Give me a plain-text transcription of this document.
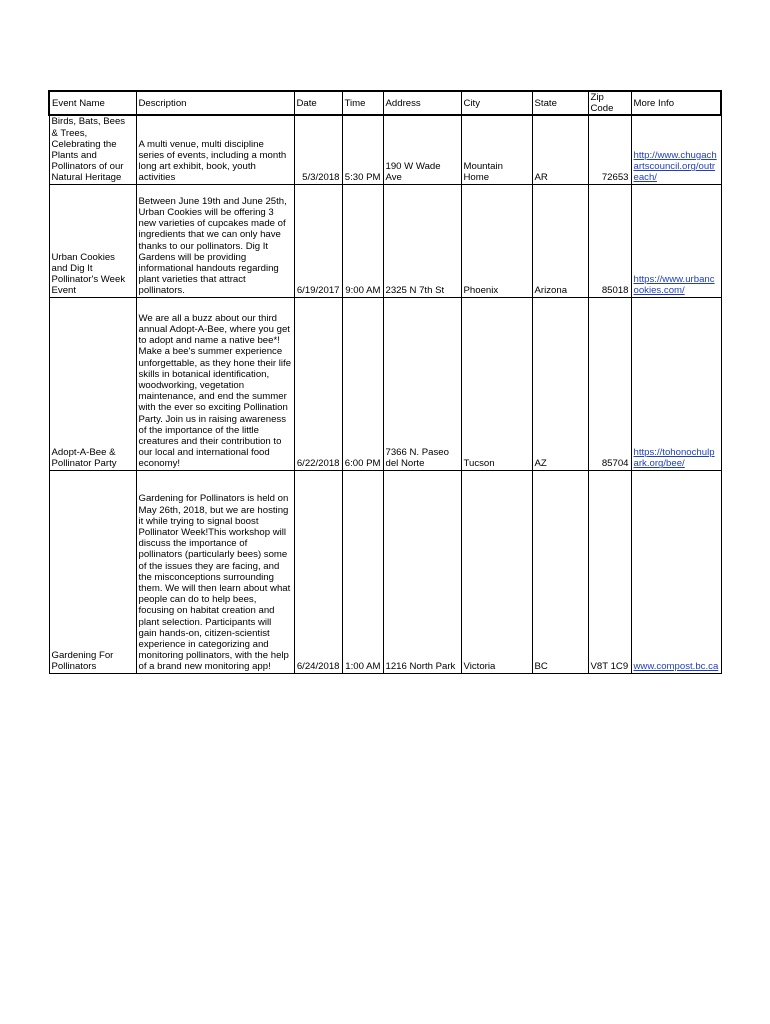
Event Name	Description	Date	Time	Address	City	State	Zip Code	More Info
Birds, Bats, Bees & Trees, Celebrating the Plants and Pollinators of our Natural Heritage	A multi venue, multi discipline series of events, including a month long art exhibit, book, youth activities	5/3/2018	5:30 PM	190 W Wade Ave	Mountain Home	AR	72653	http://www.chugachartscouncil.org/outreach/
Urban Cookies and Dig It Pollinator's Week Event	Between June 19th and June 25th, Urban Cookies will be offering 3 new varieties of cupcakes made of ingredients that we can only have thanks to our pollinators. Dig It Gardens will be providing informational handouts regarding plant varieties that attract pollinators.	6/19/2017	9:00 AM	2325 N 7th St	Phoenix	Arizona	85018	https://www.urbancookies.com/
Adopt-A-Bee & Pollinator Party	We are all a buzz about our third annual Adopt-A-Bee, where you get to adopt and name a native bee*! Make a bee's summer experience unforgettable, as they hone their life skills in botanical identification, woodworking, vegetation maintenance, and end the summer with the ever so exciting Pollination Party. Join us in raising awareness of the importance of the little creatures and their contribution to our local and international food economy!	6/22/2018	6:00 PM	7366 N. Paseo del Norte	Tucson	AZ	85704	https://tohonochulpark.org/bee/
Gardening For Pollinators	Gardening for Pollinators is held on May 26th, 2018, but we are hosting it while trying to signal boost Pollinator Week!This workshop will discuss the importance of pollinators (particularly bees) some of the issues they are facing, and the misconceptions surrounding them. We will then learn about what people can do to help bees, focusing on habitat creation and plant selection. Participants will gain hands-on, citizen-scientist experience in categorizing and monitoring pollinators, with the help of a brand new monitoring app!	6/24/2018	1:00 AM	1216 North Park	Victoria	BC	V8T 1C9	www.compost.bc.ca
